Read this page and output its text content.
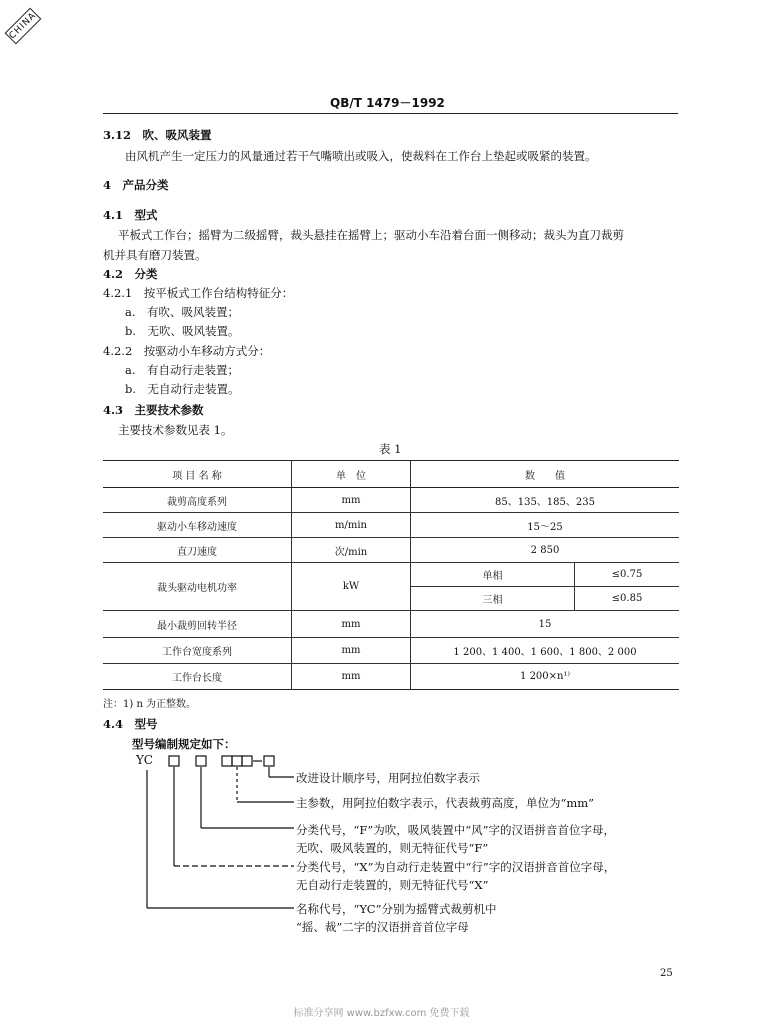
CHINA
QB/T 1479－1992
3.12　吹、吸风装置
由风机产生一定压力的风量通过若干气嘴喷出或吸入，使裁料在工作台上垫起或吸紧的装置。
4　产品分类
4.1　型式
平板式工作台；摇臂为二级摇臂，裁头悬挂在摇臂上；驱动小车沿着台面一侧移动；裁头为直刀裁剪
机并具有磨刀装置。
4.2　分类
4.2.1　按平板式工作台结构特征分：
a.　有吹、吸风装置；
b.　无吹、吸风装置。
4.2.2　按驱动小车移动方式分：
a.　有自动行走装置；
b.　无自动行走装置。
4.3　主要技术参数
主要技术参数见表 1。
表 1
项 目 名 称	单　位	数　　值	
裁剪高度系列	mm	85、135、185、235	
驱动小车移动速度	m/min	15～25	
直刀速度	次/min	2 850	
裁头驱动电机功率	kW	单相	≤0.75
		三相	≤0.85
最小裁剪回转半径	mm	15	
工作台宽度系列	mm	1 200、1 400、1 600、1 800、2 000	
工作台长度	mm	1 200×n¹⁾	
注：1) n 为正整数。
4.4　型号
型号编制规定如下：
YC
改进设计顺序号，用阿拉伯数字表示
主参数，用阿拉伯数字表示，代表裁剪高度，单位为“mm”
分类代号，“F”为吹，吸风装置中“风”字的汉语拼音首位字母，
无吹、吸风装置的，则无特征代号“F”
分类代号，“X”为自动行走装置中“行”字的汉语拼音首位字母，
无自动行走装置的，则无特征代号“X”
名称代号，“YC”分别为摇臂式裁剪机中
“摇、裁”二字的汉语拼音首位字母
25
标准分享网 www.bzfxw.com 免费下载
